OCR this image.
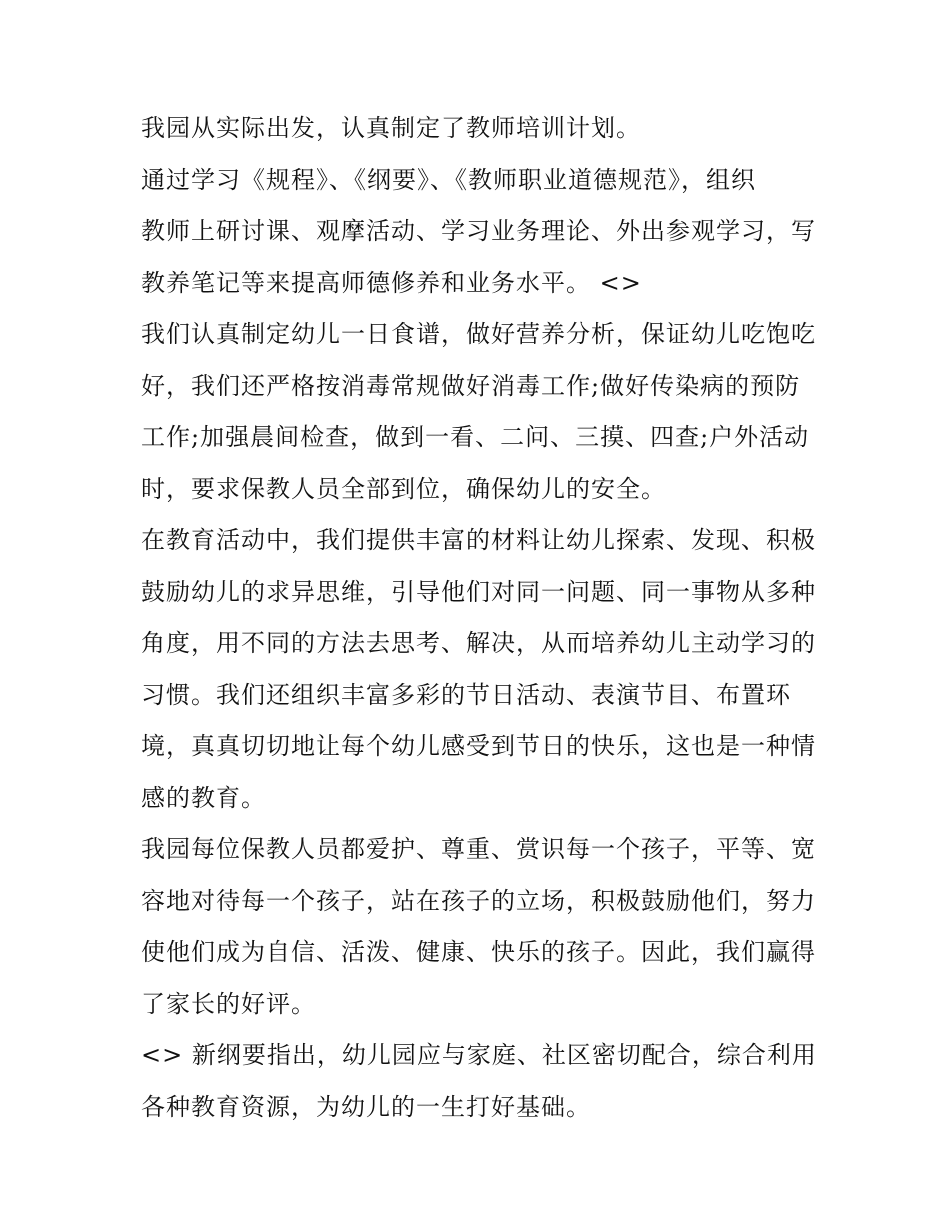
我园从实际出发，认真制定了教师培训计划。
通过学习《规程》、《纲要》、《教师职业道德规范》，组织
教师上研讨课、观摩活动、学习业务理论、外出参观学习，写
教养笔记等来提高师德修养和业务水平。 <>
我们认真制定幼儿一日食谱，做好营养分析，保证幼儿吃饱吃
好，我们还严格按消毒常规做好消毒工作;做好传染病的预防
工作;加强晨间检查，做到一看、二问、三摸、四查;户外活动
时，要求保教人员全部到位，确保幼儿的安全。
在教育活动中，我们提供丰富的材料让幼儿探索、发现、积极
鼓励幼儿的求异思维，引导他们对同一问题、同一事物从多种
角度，用不同的方法去思考、解决，从而培养幼儿主动学习的
习惯。我们还组织丰富多彩的节日活动、表演节目、布置环
境，真真切切地让每个幼儿感受到节日的快乐，这也是一种情
感的教育。
我园每位保教人员都爱护、尊重、赏识每一个孩子，平等、宽
容地对待每一个孩子，站在孩子的立场，积极鼓励他们，努力
使他们成为自信、活泼、健康、快乐的孩子。因此，我们赢得
了家长的好评。
<> 新纲要指出，幼儿园应与家庭、社区密切配合，综合利用
各种教育资源，为幼儿的一生打好基础。
